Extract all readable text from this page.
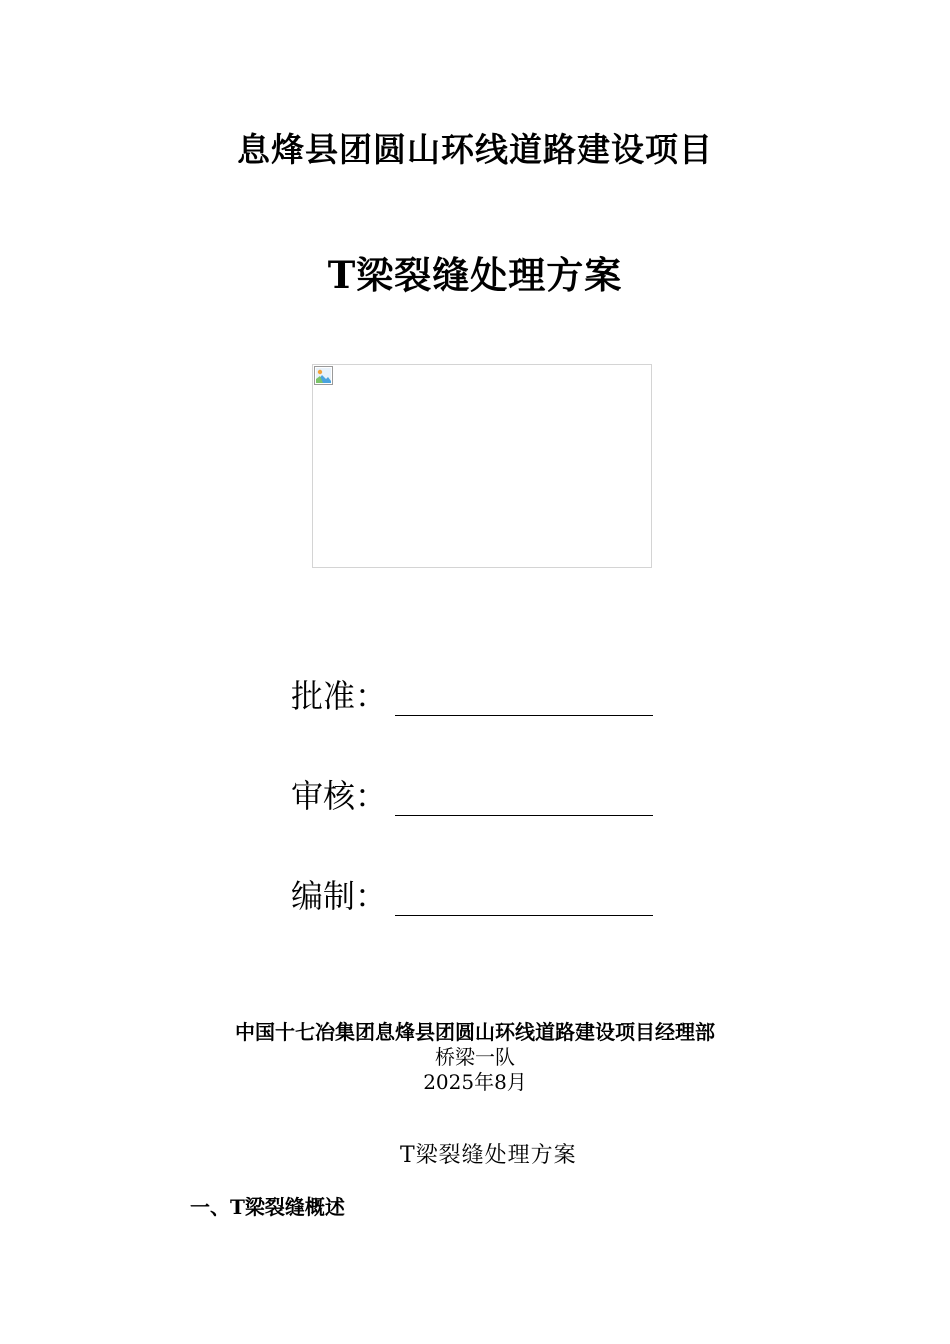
息烽县团圆山环线道路建设项目
T梁裂缝处理方案
批准：
审核：
编制：
中国十七冶集团息烽县团圆山环线道路建设项目经理部
桥梁一队
2025年8月
T梁裂缝处理方案
一、T梁裂缝概述
